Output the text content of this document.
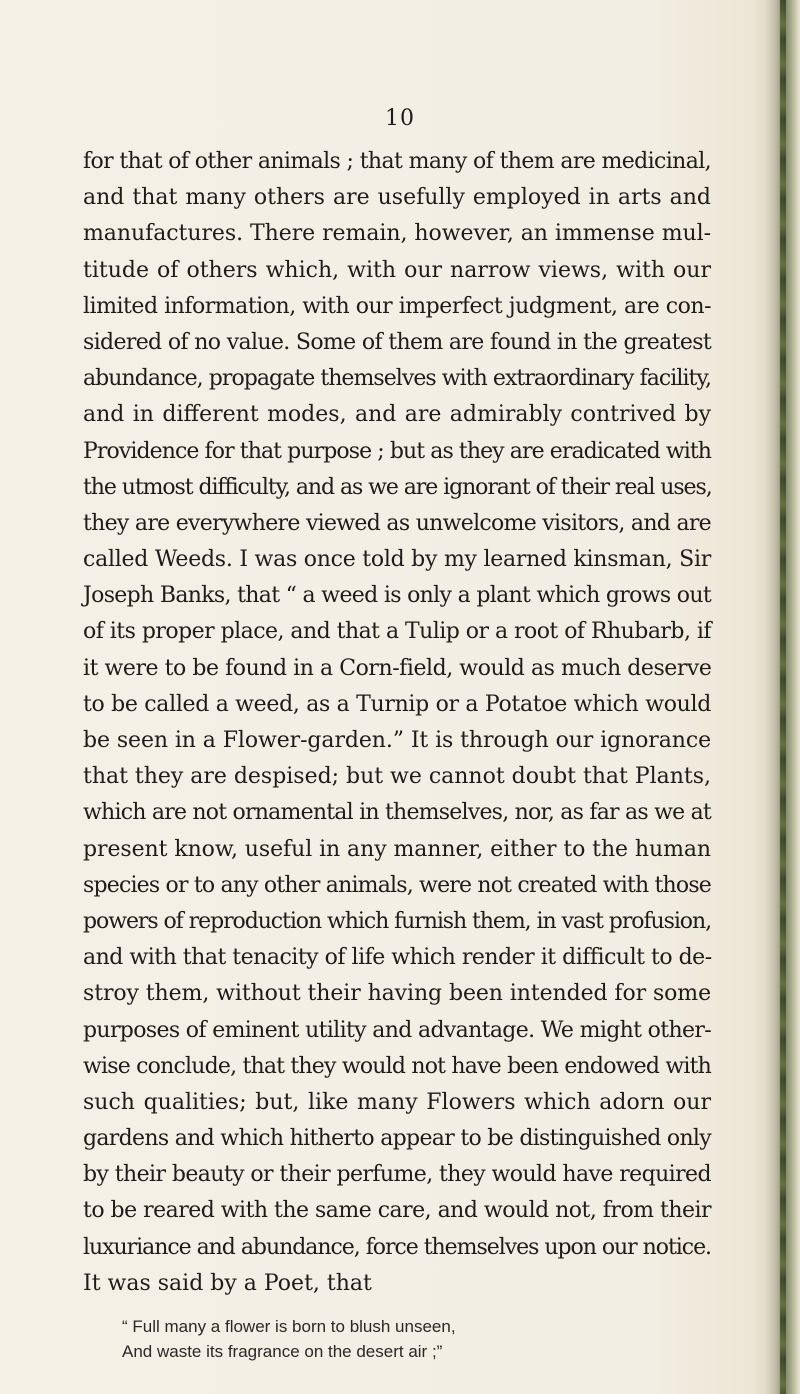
10
for that of other animals ; that many of them are medicinal,
and that many others are usefully employed in arts and
manufactures. There remain, however, an immense mul-
titude of others which, with our narrow views, with our
limited information, with our imperfect judgment, are con-
sidered of no value. Some of them are found in the greatest
abundance, propagate themselves with extraordinary facility,
and in different modes, and are admirably contrived by
Providence for that purpose ; but as they are eradicated with
the utmost difficulty, and as we are ignorant of their real uses,
they are everywhere viewed as unwelcome visitors, and are
called Weeds. I was once told by my learned kinsman, Sir
Joseph Banks, that “ a weed is only a plant which grows out
of its proper place, and that a Tulip or a root of Rhubarb, if
it were to be found in a Corn-field, would as much deserve
to be called a weed, as a Turnip or a Potatoe which would
be seen in a Flower-garden.” It is through our ignorance
that they are despised; but we cannot doubt that Plants,
which are not ornamental in themselves, nor, as far as we at
present know, useful in any manner, either to the human
species or to any other animals, were not created with those
powers of reproduction which furnish them, in vast profusion,
and with that tenacity of life which render it difficult to de-
stroy them, without their having been intended for some
purposes of eminent utility and advantage. We might other-
wise conclude, that they would not have been endowed with
such qualities; but, like many Flowers which adorn our
gardens and which hitherto appear to be distinguished only
by their beauty or their perfume, they would have required
to be reared with the same care, and would not, from their
luxuriance and abundance, force themselves upon our notice.
It was said by a Poet, that
“ Full many a flower is born to blush unseen,
And waste its fragrance on the desert air ;”
